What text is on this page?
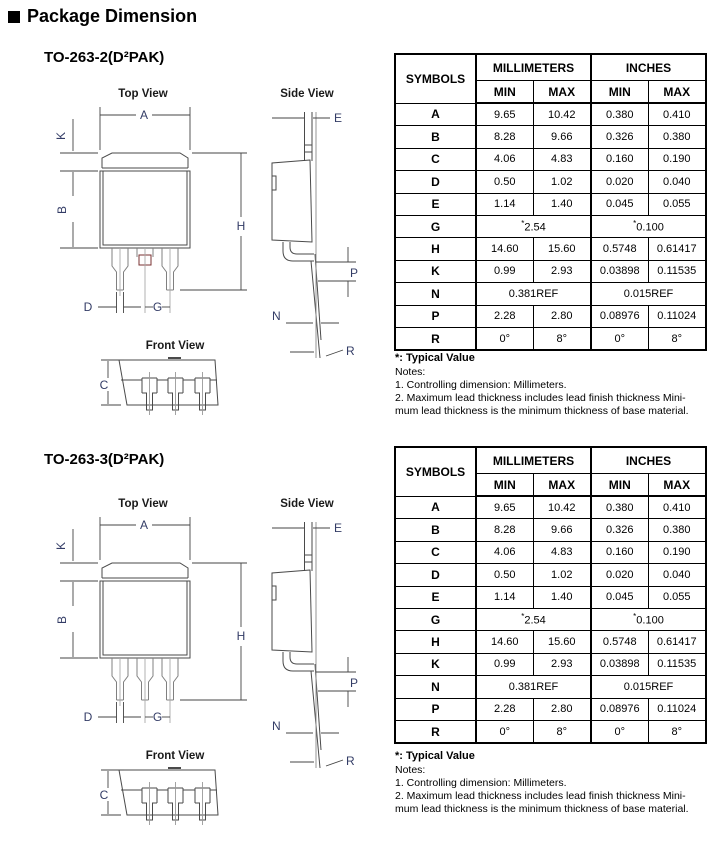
Package Dimension
TO-263-2(D²PAK)
Top View
A
K
B
H
D	G
Side View
E
P
N
R
Front View
C
SYMBOLS	MILLIMETERS		INCHES	
	MIN	MAX	MIN	MAX
A	9.65	10.42	0.380	0.410
B	8.28	9.66	0.326	0.380
C	4.06	4.83	0.160	0.190
D	0.50	1.02	0.020	0.040
E	1.14	1.40	0.045	0.055
G	*2.54		*0.100	
H	14.60	15.60	0.5748	0.61417
K	0.99	2.93	0.03898	0.11535
N	0.381REF		0.015REF	
P	2.28	2.80	0.08976	0.11024
R	0°	8°	0°	8°
*: Typical Value
Notes:
1. Controlling dimension: Millimeters.
2. Maximum lead thickness includes lead finish thickness Mini-
mum lead thickness is the minimum thickness of base material.
TO-263-3(D²PAK)
Top View
A
K
B
H
D	G
Side View
E
P
N
R
Front View
C
SYMBOLS	MILLIMETERS		INCHES	
	MIN	MAX	MIN	MAX
A	9.65	10.42	0.380	0.410
B	8.28	9.66	0.326	0.380
C	4.06	4.83	0.160	0.190
D	0.50	1.02	0.020	0.040
E	1.14	1.40	0.045	0.055
G	*2.54		*0.100	
H	14.60	15.60	0.5748	0.61417
K	0.99	2.93	0.03898	0.11535
N	0.381REF		0.015REF	
P	2.28	2.80	0.08976	0.11024
R	0°	8°	0°	8°
*: Typical Value
Notes:
1. Controlling dimension: Millimeters.
2. Maximum lead thickness includes lead finish thickness Mini-
mum lead thickness is the minimum thickness of base material.
